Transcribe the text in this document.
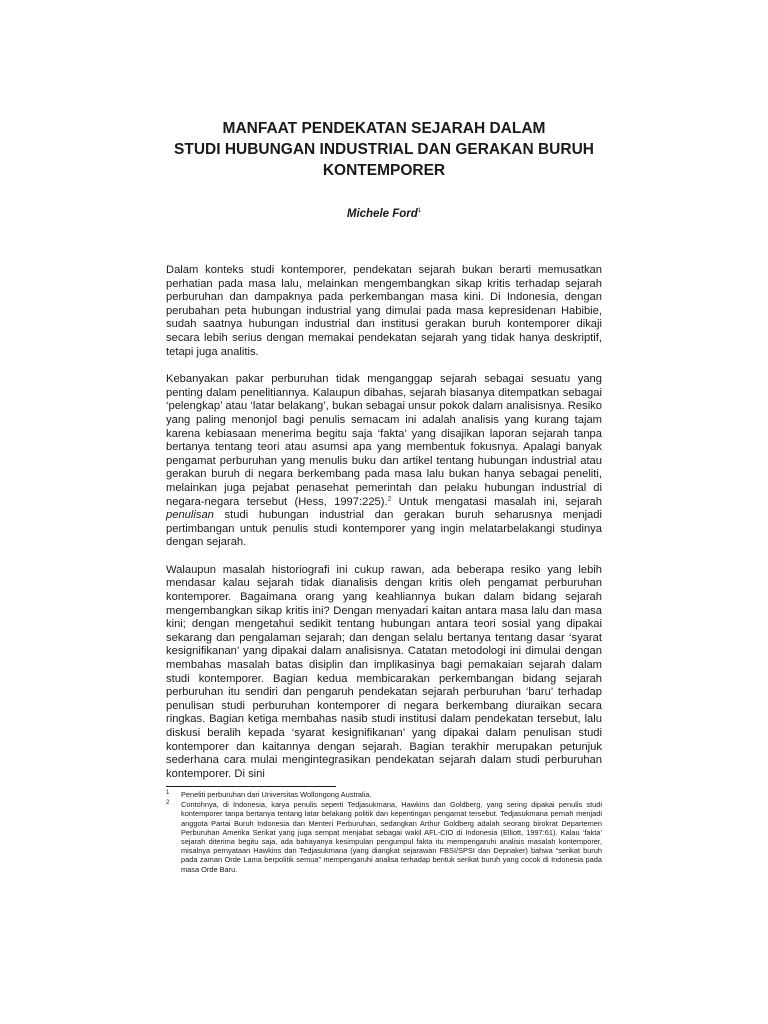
MANFAAT PENDEKATAN SEJARAH DALAM
STUDI HUBUNGAN INDUSTRIAL DAN GERAKAN BURUH
KONTEMPORER
Michele Ford$^1$

Dalam konteks studi kontemporer, pendekatan sejarah bukan berarti memusatkan perhatian pada masa lalu, melainkan mengembangkan sikap kritis terhadap sejarah perburuhan dan dampaknya pada perkembangan masa kini. Di Indonesia, dengan perubahan peta hubungan industrial yang dimulai pada masa kepresidenan Habibie, sudah saatnya hubungan industrial dan institusi gerakan buruh kontemporer dikaji secara lebih serius dengan memakai pendekatan sejarah yang tidak hanya deskriptif, tetapi juga analitis.

Kebanyakan pakar perburuhan tidak menganggap sejarah sebagai sesuatu yang penting dalam penelitiannya. Kalaupun dibahas, sejarah biasanya ditempatkan sebagai ‘pelengkap’ atau ‘latar belakang’, bukan sebagai unsur pokok dalam analisisnya. Resiko yang paling menonjol bagi penulis semacam ini adalah analisis yang kurang tajam karena kebiasaan menerima begitu saja ‘fakta’ yang disajikan laporan sejarah tanpa bertanya tentang teori atau asumsi apa yang membentuk fokusnya. Apalagi banyak pengamat perburuhan yang menulis buku dan artikel tentang hubungan industrial atau gerakan buruh di negara berkembang pada masa lalu bukan hanya sebagai peneliti, melainkan juga pejabat penasehat pemerintah dan pelaku hubungan industrial di negara-negara tersebut (Hess, 1997:225).$^2$ Untuk mengatasi masalah ini, sejarah penulisan studi hubungan industrial dan gerakan buruh seharusnya menjadi pertimbangan untuk penulis studi kontemporer yang ingin melatarbelakangi studinya dengan sejarah.

Walaupun masalah historiografi ini cukup rawan, ada beberapa resiko yang lebih mendasar kalau sejarah tidak dianalisis dengan kritis oleh pengamat perburuhan kontemporer. Bagaimana orang yang keahliannya bukan dalam bidang sejarah mengembangkan sikap kritis ini? Dengan menyadari kaitan antara masa lalu dan masa kini; dengan mengetahui sedikit tentang hubungan antara teori sosial yang dipakai sekarang dan pengalaman sejarah; dan dengan selalu bertanya tentang dasar ‘syarat kesignifikanan’ yang dipakai dalam analisisnya. Catatan metodologi ini dimulai dengan membahas masalah batas disiplin dan implikasinya bagi pemakaian sejarah dalam studi kontemporer. Bagian kedua membicarakan perkembangan bidang sejarah perburuhan itu sendiri dan pengaruh pendekatan sejarah perburuhan ‘baru’ terhadap penulisan studi perburuhan kontemporer di negara berkembang diuraikan secara ringkas. Bagian ketiga membahas nasib studi institusi dalam pendekatan tersebut, lalu diskusi beralih kepada ‘syarat kesignifikanan’ yang dipakai dalam penulisan studi kontemporer dan kaitannya dengan sejarah. Bagian terakhir merupakan petunjuk sederhana cara mulai mengintegrasikan pendekatan sejarah dalam studi perburuhan kontemporer. Di sini

1 Peneliti perburuhan dari Universitas Wollongong Australia.
2 Contohnya, di Indonesia, karya penulis seperti Tedjasukmana, Hawkins dan Goldberg, yang sering dipakai penulis studi kontemporer tanpa bertanya tentang latar belakang politik dan kepentingan pengamat tersebut. Tedjasukmana pernah menjadi anggota Partai Buruh Indonesia dan Menteri Perburuhan, sedangkan Arthur Goldberg adalah seorang birokrat Departemen Perburuhan Amerika Serikat yang juga sempat menjabat sebagai wakil AFL-CIO di Indonesia (Elliott, 1997:61). Kalau ‘fakta’ sejarah diterima begitu saja, ada bahayanya kesimpulan pengumpul fakta itu mempengaruhi analisis masalah kontemporer, misalnya pernyataan Hawkins dan Tedjasukmana (yang diangkat sejarawan FBSI/SPSI dan Depnaker) bahwa “serikat buruh pada zaman Orde Lama berpolitik semua” mempengaruhi analisa terhadap bentuk serikat buruh yang cocok di Indonesia pada masa Orde Baru.
